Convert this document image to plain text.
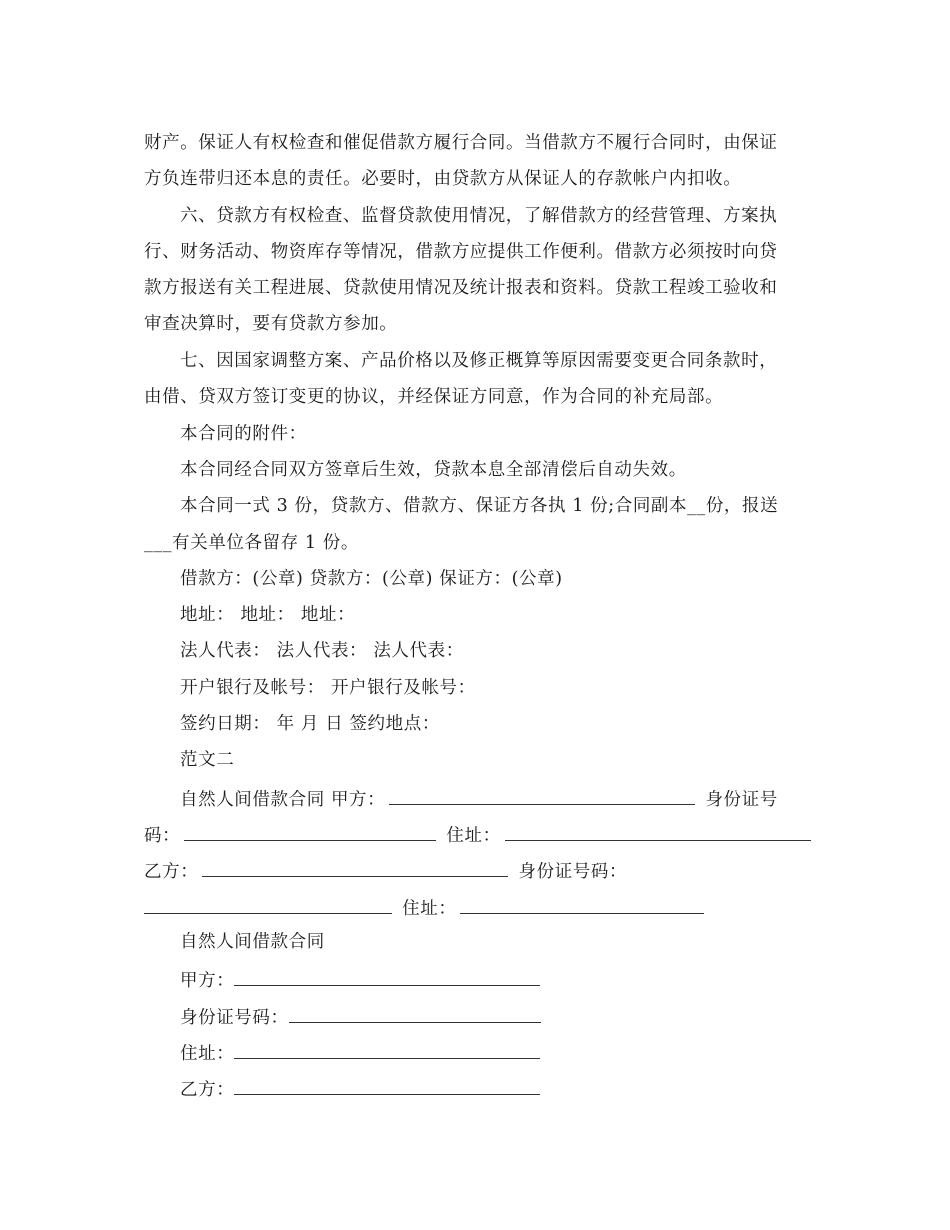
财产。保证人有权检查和催促借款方履行合同。当借款方不履行合同时，由保证
方负连带归还本息的责任。必要时，由贷款方从保证人的存款帐户内扣收。
六、贷款方有权检查、监督贷款使用情况，了解借款方的经营管理、方案执
行、财务活动、物资库存等情况，借款方应提供工作便利。借款方必须按时向贷
款方报送有关工程进展、贷款使用情况及统计报表和资料。贷款工程竣工验收和
审查决算时，要有贷款方参加。
七、因国家调整方案、产品价格以及修正概算等原因需要变更合同条款时，
由借、贷双方签订变更的协议，并经保证方同意，作为合同的补充局部。
本合同的附件：
本合同经合同双方签章后生效，贷款本息全部清偿后自动失效。
本合同一式 3 份，贷款方、借款方、保证方各执 1 份;合同副本__份，报送
___有关单位各留存 1 份。
借款方：(公章) 贷款方：(公章) 保证方：(公章)
地址： 地址： 地址：
法人代表： 法人代表： 法人代表：
开户银行及帐号： 开户银行及帐号：
签约日期： 年 月 日 签约地点：
范文二
自然人间借款合同 甲方：	身份证号
码：	住址：
乙方：	身份证号码：
住址：
自然人间借款合同
甲方：
身份证号码：
住址：
乙方：
